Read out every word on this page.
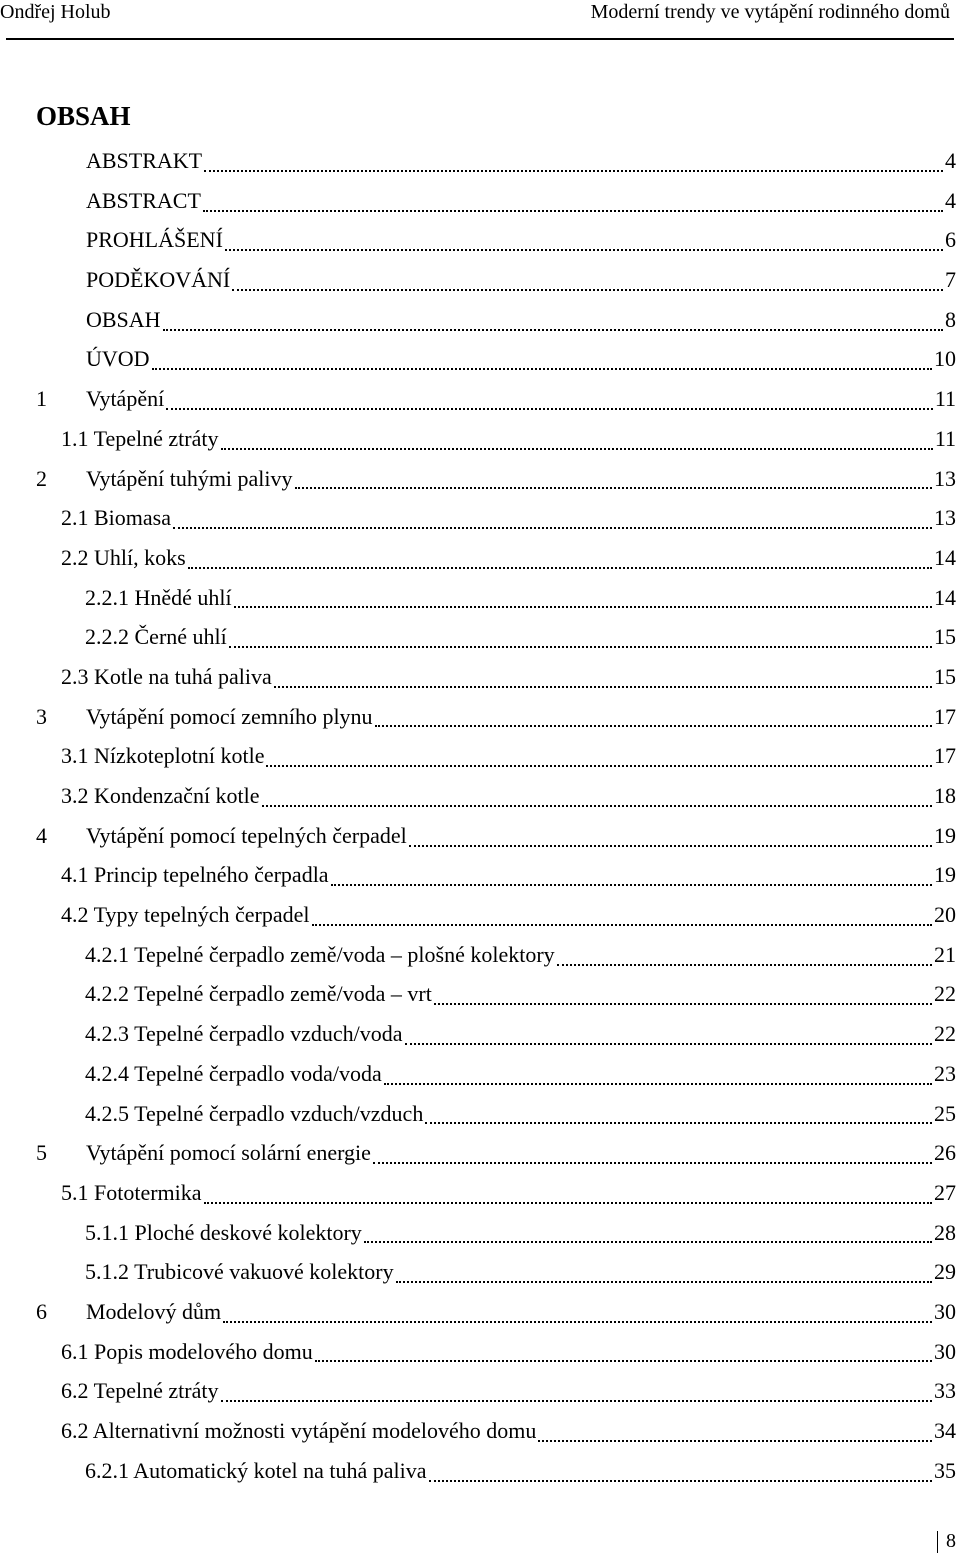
Ondřej Holub	Moderní trendy ve vytápění rodinného domů
OBSAH
ABSTRAKT	4
ABSTRACT	4
PROHLÁŠENÍ	6
PODĚKOVÁNÍ	7
OBSAH	8
ÚVOD	10
1	Vytápění	11
1.1 Tepelné ztráty	11
2	Vytápění tuhými palivy	13
2.1 Biomasa	13
2.2 Uhlí, koks	14
2.2.1 Hnědé uhlí	14
2.2.2 Černé uhlí	15
2.3 Kotle na tuhá paliva	15
3	Vytápění pomocí zemního plynu	17
3.1 Nízkoteplotní kotle	17
3.2 Kondenzační kotle	18
4	Vytápění pomocí tepelných čerpadel	19
4.1 Princip tepelného čerpadla	19
4.2 Typy tepelných čerpadel	20
4.2.1 Tepelné čerpadlo země/voda – plošné kolektory	21
4.2.2 Tepelné čerpadlo země/voda – vrt	22
4.2.3 Tepelné čerpadlo vzduch/voda	22
4.2.4 Tepelné čerpadlo voda/voda	23
4.2.5 Tepelné čerpadlo vzduch/vzduch	25
5	Vytápění pomocí solární energie	26
5.1 Fototermika	27
5.1.1 Ploché deskové kolektory	28
5.1.2 Trubicové vakuové kolektory	29
6	Modelový dům	30
6.1 Popis modelového domu	30
6.2 Tepelné ztráty	33
6.2 Alternativní možnosti vytápění modelového domu	34
6.2.1 Automatický kotel na tuhá paliva	35
8
